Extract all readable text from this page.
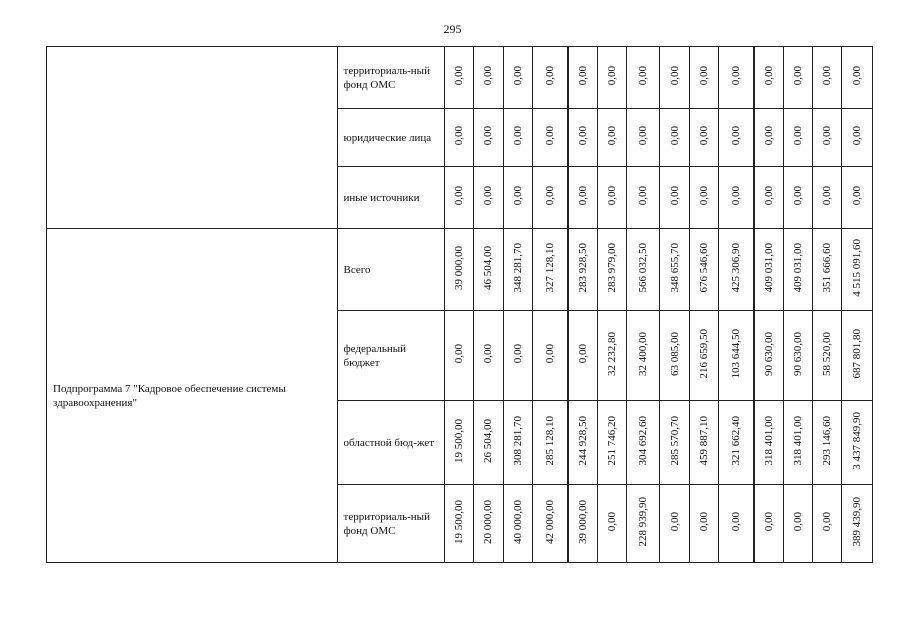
295
	территориаль-ный фонд ОМС	0,00	0,00	0,00	0,00	0,00	0,00	0,00	0,00	0,00	0,00	0,00	0,00	0,00	0,00
	юридические лица	0,00	0,00	0,00	0,00	0,00	0,00	0,00	0,00	0,00	0,00	0,00	0,00	0,00	0,00
	иные источники	0,00	0,00	0,00	0,00	0,00	0,00	0,00	0,00	0,00	0,00	0,00	0,00	0,00	0,00
Подпрограмма 7 "Кадровое обеспечение системы здравоохранения"	Всего	39 000,00	46 504,00	348 281,70	327 128,10	283 928,50	283 979,00	566 032,50	348 655,70	676 546,60	425 306,90	409 031,00	409 031,00	351 666,60	4 515 091,60
	федеральный бюджет	0,00	0,00	0,00	0,00	0,00	32 232,80	32 400,00	63 085,00	216 659,50	103 644,50	90 630,00	90 630,00	58 520,00	687 801,80
	областной бюд-жет	19 500,00	26 504,00	308 281,70	285 128,10	244 928,50	251 746,20	304 692,60	285 570,70	459 887,10	321 662,40	318 401,00	318 401,00	293 146,60	3 437 849,90
	территориаль-ный фонд ОМС	19 500,00	20 000,00	40 000,00	42 000,00	39 000,00	0,00	228 939,90	0,00	0,00	0,00	0,00	0,00	0,00	389 439,90
